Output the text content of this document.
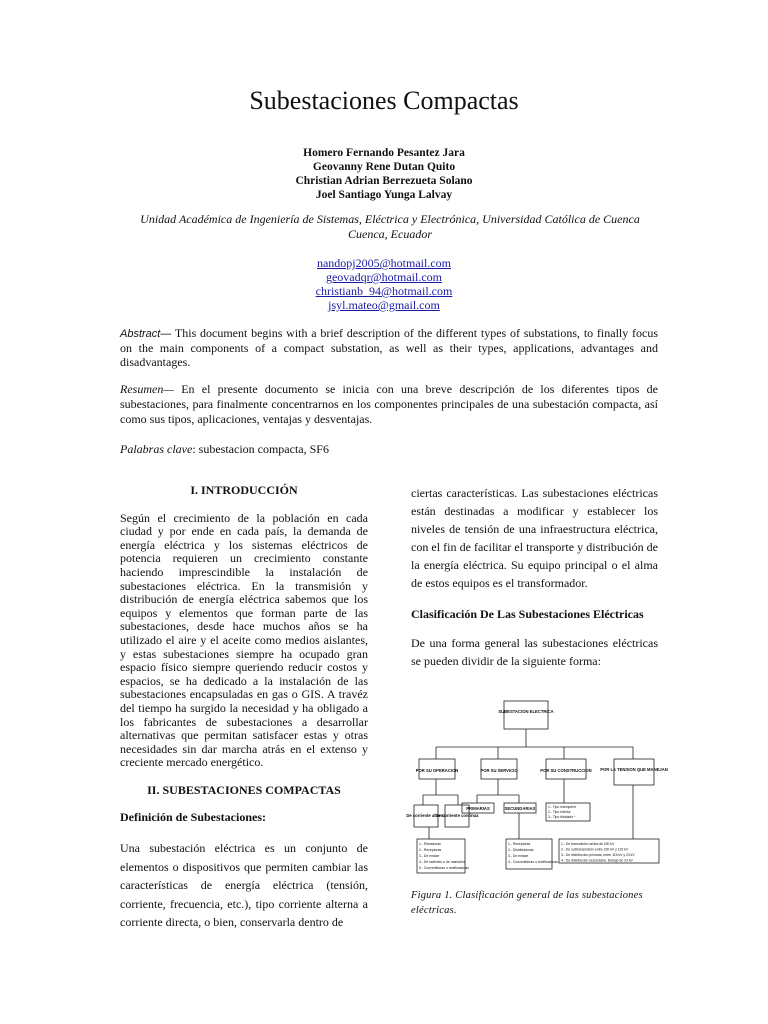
Subestaciones Compactas
Homero Fernando Pesantez Jara
Geovanny Rene Dutan Quito
Christian Adrian Berrezueta Solano
Joel Santiago Yunga Lalvay
Unidad Académica de Ingeniería de Sistemas, Eléctrica y Electrónica, Universidad Católica de Cuenca
Cuenca, Ecuador
nandopj2005@hotmail.com
geovadqr@hotmail.com
christianb_94@hotmail.com
jsyl.mateo@gmail.com
Abstract— This document begins with a brief description of the different types of substations, to finally focus on the main components of a compact substation, as well as their types, applications, advantages and disadvantages.
Resumen— En el presente documento se inicia con una breve descripción de los diferentes tipos de subestaciones, para finalmente concentrarnos en los componentes principales de una subestación compacta, así como sus tipos, aplicaciones, ventajas y desventajas.
Palabras clave: subestacion compacta, SF6
I. INTRODUCCIÓN

Según el crecimiento de la población en cada ciudad y por ende en cada país, la demanda de energía eléctrica y los sistemas eléctricos de potencia requieren un crecimiento constante haciendo imprescindible la instalación de subestaciones eléctrica. En la transmisión y distribución de energía eléctrica sabemos que los equipos y elementos que forman parte de las subestaciones, desde hace muchos años se ha utilizado el aire y el aceite como medios aislantes, y estas subestaciones siempre ha ocupado gran espacio físico siempre queriendo reducir costos y espacios, se ha dedicado a la instalación de las subestaciones encapsuladas en gas o GIS. A travéz del tiempo ha surgido la necesidad y ha obligado a los fabricantes de subestaciones a desarrollar alternativas que permitan satisfacer estas y otras necesidades sin dar marcha atrás en el extenso y creciente mercado energético.

II. SUBESTACIONES COMPACTAS
Definición de Subestaciones:

Una subestación eléctrica es un conjunto de elementos o dispositivos que permiten cambiar las características de energía eléctrica (tensión, corriente, frecuencia, etc.), tipo corriente alterna a corriente directa, o bien, conservarla dentro de

ciertas características. Las subestaciones eléctricas están destinadas a modificar y establecer los niveles de tensión de una infraestructura eléctrica, con el fin de facilitar el transporte y distribución de la energía eléctrica. Su equipo principal o el alma de estos equipos es el transformador.

Clasificación De Las Subestaciones Eléctricas

De una forma general las subestaciones eléctricas se pueden dividir de la siguiente forma:

SUBESTACION ELECTRICA
POR SU OPERACION	POR SU SERVICIO	POR SU CONSTRUCCION POR LA TENSION QUE MANEJAN
De corriente alterna
De corriente continua
PRIMARIAS	SECUNDARIAS
1.- Elevadoras
2.- Receptoras
3.- De enlace
4.- De switcheo o de maniobra
5.- Convertidoras o rectificadoras
1.- Receptoras
2.- Distribuidoras
3.- De enlace
4.- Convertidoras o rectificadoras
1.- Tipo intemperie
2.- Tipo interior
3.- Tipo blindado *
1.- De transmisión arriba de 230 kV
2.- De subtransmisión entre 230 kV y 115 kV
3.- De distribución primaria, entre 115 kV y 23 kV
4.- De distribución secundaria. Debajo de 23 kV
Figura 1. Clasificación general de las subestaciones eléctricas.
